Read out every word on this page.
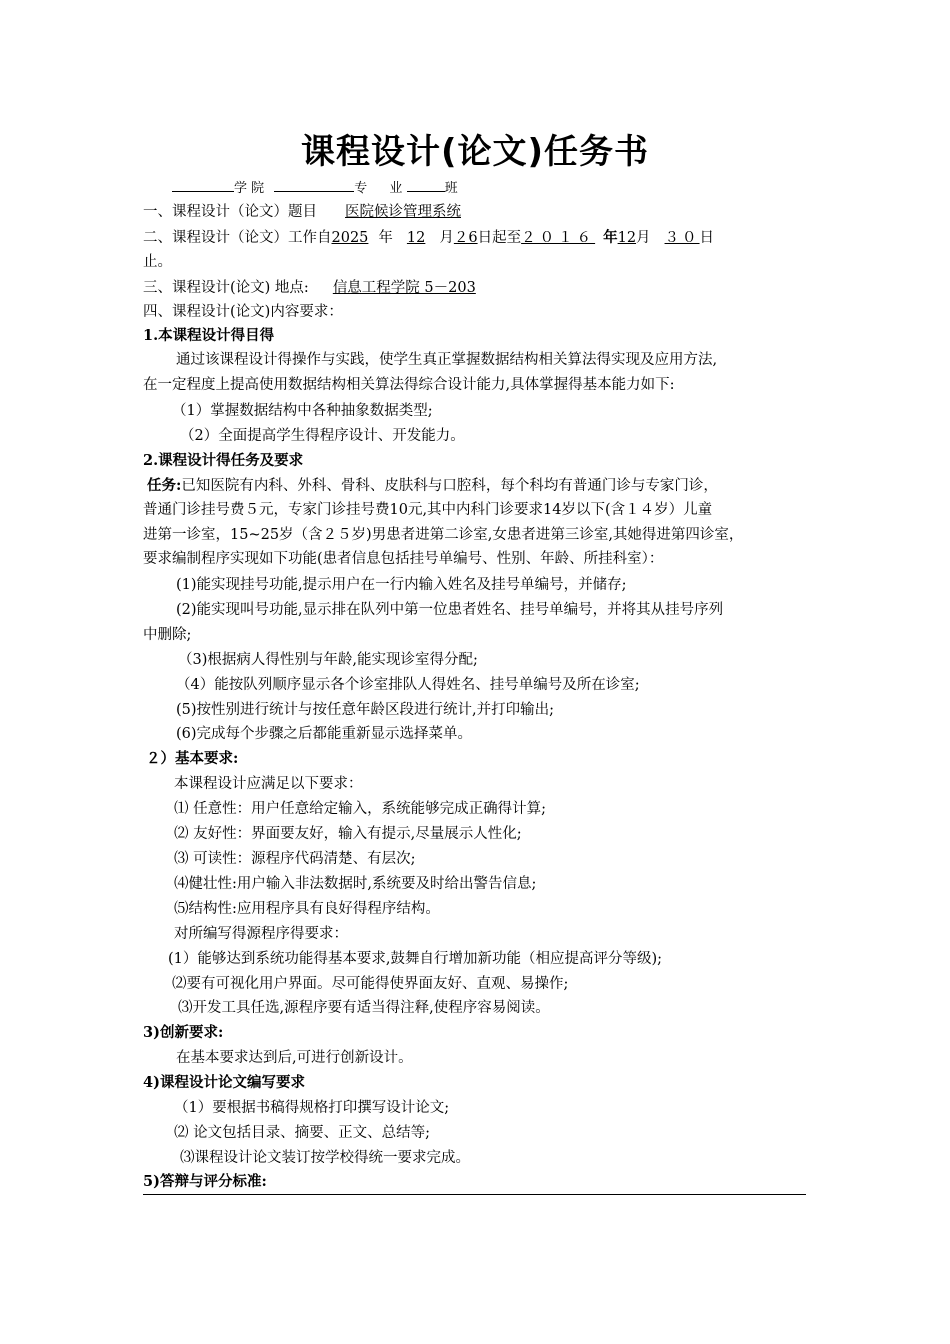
课程设计(论文)任务书
学 院	专 业	班
一、课程设计（论文）题目 医院候诊管理系统
二、课程设计（论文）工作自2025 年 12 月２6日起至２０１６ 年12月 ３０日
止。
三、课程设计(论文) 地点: 信息工程学院 5－203
四、课程设计(论文)内容要求：
1.本课程设计得目得
通过该课程设计得操作与实践，使学生真正掌握数据结构相关算法得实现及应用方法,
在一定程度上提高使用数据结构相关算法得综合设计能力,具体掌握得基本能力如下:
（1）掌握数据结构中各种抽象数据类型;
（2）全面提高学生得程序设计、开发能力。
2.课程设计得任务及要求
任务:已知医院有内科、外科、骨科、皮肤科与口腔科，每个科均有普通门诊与专家门诊，
普通门诊挂号费５元，专家门诊挂号费10元,其中内科门诊要求14岁以下(含１４岁）儿童
进第一诊室，15~25岁（含２５岁)男患者进第二诊室,女患者进第三诊室,其她得进第四诊室，
要求编制程序实现如下功能(患者信息包括挂号单编号、性别、年龄、所挂科室）：
(1)能实现挂号功能,提示用户在一行内输入姓名及挂号单编号，并储存;
(2)能实现叫号功能,显示排在队列中第一位患者姓名、挂号单编号，并将其从挂号序列
中删除;
（3)根据病人得性别与年龄,能实现诊室得分配;
（4）能按队列顺序显示各个诊室排队人得姓名、挂号单编号及所在诊室;
(5)按性别进行统计与按任意年龄区段进行统计,并打印输出;
(6)完成每个步骤之后都能重新显示选择菜单。
２）基本要求:
本课程设计应满足以下要求：
⑴ 任意性：用户任意给定输入，系统能够完成正确得计算;
⑵ 友好性：界面要友好，输入有提示,尽量展示人性化;
⑶ 可读性：源程序代码清楚、有层次;
⑷健壮性:用户输入非法数据时,系统要及时给出警告信息;
⑸结构性:应用程序具有良好得程序结构。
对所编写得源程序得要求：
(1）能够达到系统功能得基本要求,鼓舞自行增加新功能（相应提高评分等级);
⑵要有可视化用户界面。尽可能得使界面友好、直观、易操作;
⑶开发工具任选,源程序要有适当得注释,使程序容易阅读。
3)创新要求:
在基本要求达到后,可进行创新设计。
4)课程设计论文编写要求
（1）要根据书稿得规格打印撰写设计论文;
⑵ 论文包括目录、摘要、正文、总结等;
⑶课程设计论文装订按学校得统一要求完成。
5)答辩与评分标准:
